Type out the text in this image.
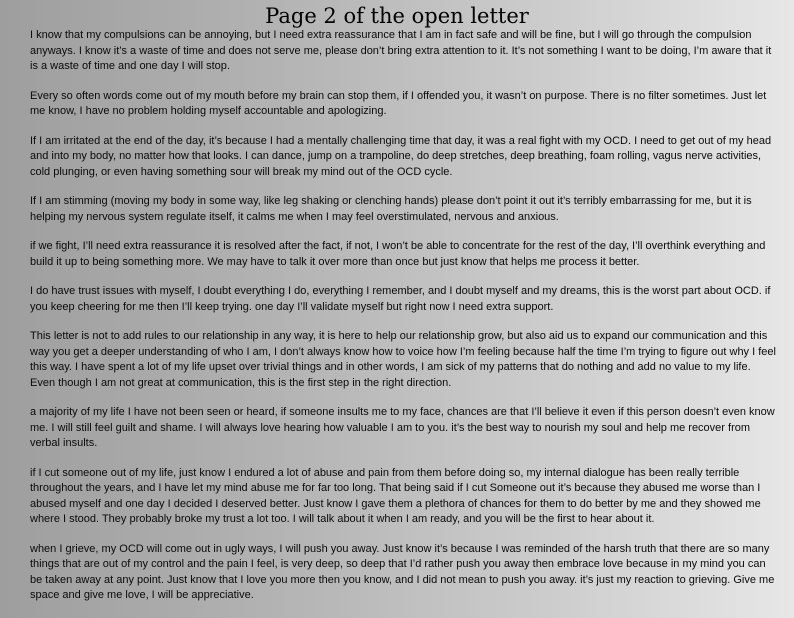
Page 2 of the open letter

I know that my compulsions can be annoying, but I need extra reassurance that I am in fact safe and will be fine, but I will go through the compulsion anyways. I know it’s a waste of time and does not serve me, please don’t bring extra attention to it. It’s not something I want to be doing, I’m aware that it is a waste of time and one day I will stop.

Every so often words come out of my mouth before my brain can stop them, if I offended you, it wasn’t on purpose. There is no filter sometimes. Just let me know, I have no problem holding myself accountable and apologizing.

If I am irritated at the end of the day, it’s because I had a mentally challenging time that day, it was a real fight with my OCD. I need to get out of my head and into my body, no matter how that looks. I can dance, jump on a trampoline, do deep stretches, deep breathing, foam rolling, vagus nerve activities, cold plunging, or even having something sour will break my mind out of the OCD cycle.

If I am stimming (moving my body in some way, like leg shaking or clenching hands) please don’t point it out it’s terribly embarrassing for me, but it is helping my nervous system regulate itself, it calms me when I may feel overstimulated, nervous and anxious.

if we fight, I’ll need extra reassurance it is resolved after the fact, if not, I won’t be able to concentrate for the rest of the day, I’ll overthink everything and build it up to being something more. We may have to talk it over more than once but just know that helps me process it better.

I do have trust issues with myself, I doubt everything I do, everything I remember, and I doubt myself and my dreams, this is the worst part about OCD. if you keep cheering for me then I’ll keep trying. one day I’ll validate myself but right now I need extra support.

This letter is not to add rules to our relationship in any way, it is here to help our relationship grow, but also aid us to expand our communication and this way you get a deeper understanding of who I am, I don’t always know how to voice how I’m feeling because half the time I’m trying to figure out why I feel this way. I have spent a lot of my life upset over trivial things and in other words, I am sick of my patterns that do nothing and add no value to my life. Even though I am not great at communication, this is the first step in the right direction.

a majority of my life I have not been seen or heard, if someone insults me to my face, chances are that I’ll believe it even if this person doesn’t even know me. I will still feel guilt and shame. I will always love hearing how valuable I am to you. it’s the best way to nourish my soul and help me recover from verbal insults.

if I cut someone out of my life, just know I endured a lot of abuse and pain from them before doing so, my internal dialogue has been really terrible throughout the years, and I have let my mind abuse me for far too long. That being said if I cut Someone out it’s because they abused me worse than I abused myself and one day I decided I deserved better. Just know I gave them a plethora of chances for them to do better by me and they showed me where I stood. They probably broke my trust a lot too. I will talk about it when I am ready, and you will be the first to hear about it.

when I grieve, my OCD will come out in ugly ways, I will push you away. Just know it’s because I was reminded of the harsh truth that there are so many things that are out of my control and the pain I feel, is very deep, so deep that I’d rather push you away then embrace love because in my mind you can be taken away at any point. Just know that I love you more then you know, and I did not mean to push you away. it’s just my reaction to grieving. Give me space and give me love, I will be appreciative.
